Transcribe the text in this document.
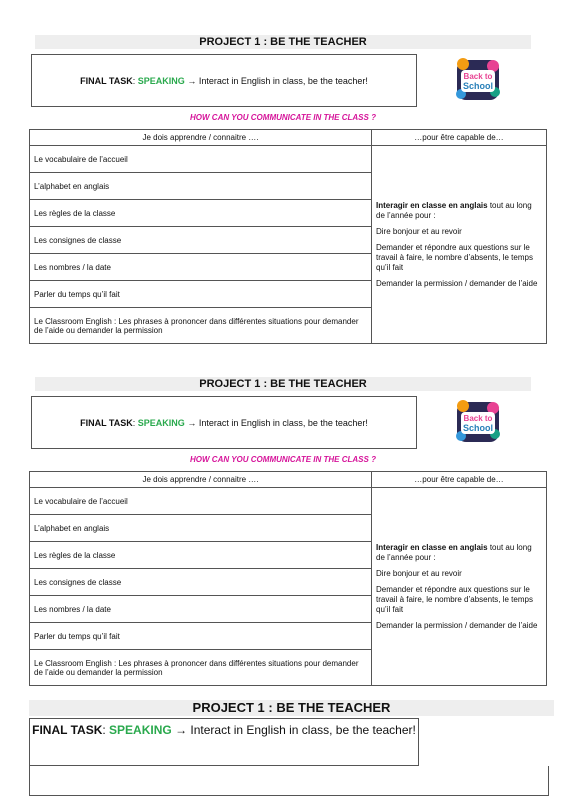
PROJECT 1 : BE THE TEACHER
FINAL TASK: SPEAKING → Interact in English in class, be the teacher!	Back to
School
HOW CAN YOU COMMUNICATE IN THE CLASS ?
Je dois apprendre / connaitre ….	…pour être capable de…
Le vocabulaire de l’accueil	Interagir en classe en anglais tout au long de l’année pour :

Dire bonjour et au revoir

Demander et répondre aux questions sur le travail à faire, le nombre d’absents, le temps qu’il fait

Demander la permission / demander de l’aide

L’alphabet en anglais	
Les règles de la classe	
Les consignes de classe	
Les nombres / la date	
Parler du temps qu’il fait	
Le Classroom English : Les phrases à prononcer dans différentes situations pour demander de l’aide ou demander la permission	
PROJECT 1 : BE THE TEACHER
FINAL TASK: SPEAKING → Interact in English in class, be the teacher!	Back to
School
HOW CAN YOU COMMUNICATE IN THE CLASS ?
Je dois apprendre / connaitre ….	…pour être capable de…
Le vocabulaire de l’accueil	Interagir en classe en anglais tout au long de l’année pour :

Dire bonjour et au revoir

Demander et répondre aux questions sur le travail à faire, le nombre d’absents, le temps qu’il fait

Demander la permission / demander de l’aide

L’alphabet en anglais	
Les règles de la classe	
Les consignes de classe	
Les nombres / la date	
Parler du temps qu’il fait	
Le Classroom English : Les phrases à prononcer dans différentes situations pour demander de l’aide ou demander la permission	
PROJECT 1 : BE THE TEACHER
FINAL TASK: SPEAKING → Interact in English in class, be the teacher!
